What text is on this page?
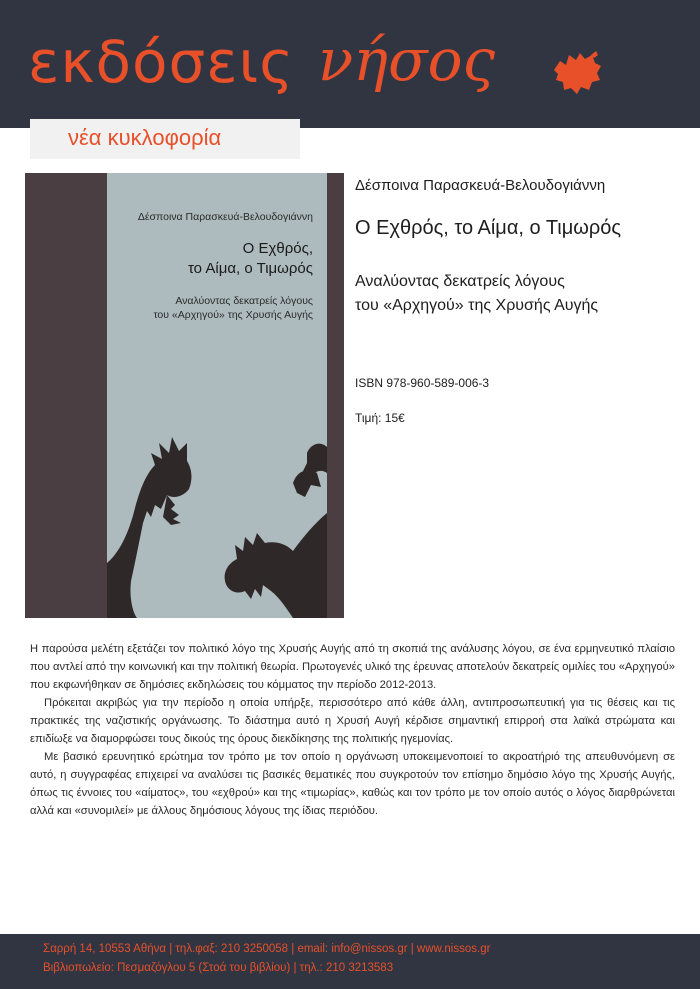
εκδόσεις νήσος
νέα κυκλοφορία
Δέσποινα Παρασκευά-Βελουδογιάννη
Ο Εχθρός,
το Αίμα, ο Τιμωρός
Αναλύοντας δεκατρείς λόγους
του «Αρχηγού» της Χρυσής Αυγής
Πολιτείες 33
νήσος
Δέσποινα Παρασκευά-Βελουδογιάννη
Ο Εχθρός, το Αίμα, ο Τιμωρός
Αναλύοντας δεκατρείς λόγους
του «Αρχηγού» της Χρυσής Αυγής
ISBN 978-960-589-006-3
Τιμή: 15€

Η παρούσα μελέτη εξετάζει τον πολιτικό λόγο της Χρυσής Αυγής από τη σκοπιά της ανάλυσης λόγου, σε ένα ερμηνευτικό πλαίσιο που αντλεί από την κοινωνική και την πολιτική θεωρία. Πρωτογενές υλικό της έρευνας αποτελούν δεκατρείς ομιλίες του «Αρχηγού» που εκφωνήθηκαν σε δημόσιες εκδηλώσεις του κόμματος την περίοδο 2012-2013.

Πρόκειται ακριβώς για την περίοδο η οποία υπήρξε, περισσότερο από κάθε άλλη, αντιπροσωπευτική για τις θέσεις και τις πρακτικές της ναζιστικής οργάνωσης. Το διάστημα αυτό η Χρυσή Αυγή κέρδισε σημαντική επιρροή στα λαϊκά στρώματα και επιδίωξε να διαμορφώσει τους δικούς της όρους διεκδίκησης της πολιτικής ηγεμονίας.

Με βασικό ερευνητικό ερώτημα τον τρόπο με τον οποίο η οργάνωση υποκειμενοποιεί το ακροατήριό της απευθυνόμενη σε αυτό, η συγγραφέας επιχειρεί να αναλύσει τις βασικές θεματικές που συγκροτούν τον επίσημο δημόσιο λόγο της Χρυσής Αυγής, όπως τις έννοιες του «αίματος», του «εχθρού» και της «τιμωρίας», καθώς και τον τρόπο με τον οποίο αυτός ο λόγος διαρθρώνεται αλλά και «συνομιλεί» με άλλους δημόσιους λόγους της ίδιας περιόδου.

Σαρρή 14, 10553 Αθήνα | τηλ.φαξ: 210 3250058 | email: info@nissos.gr | www.nissos.gr
Βιβλιοπωλείο: Πεσμαζόγλου 5 (Στοά του βιβλίου) | τηλ.: 210 3213583
